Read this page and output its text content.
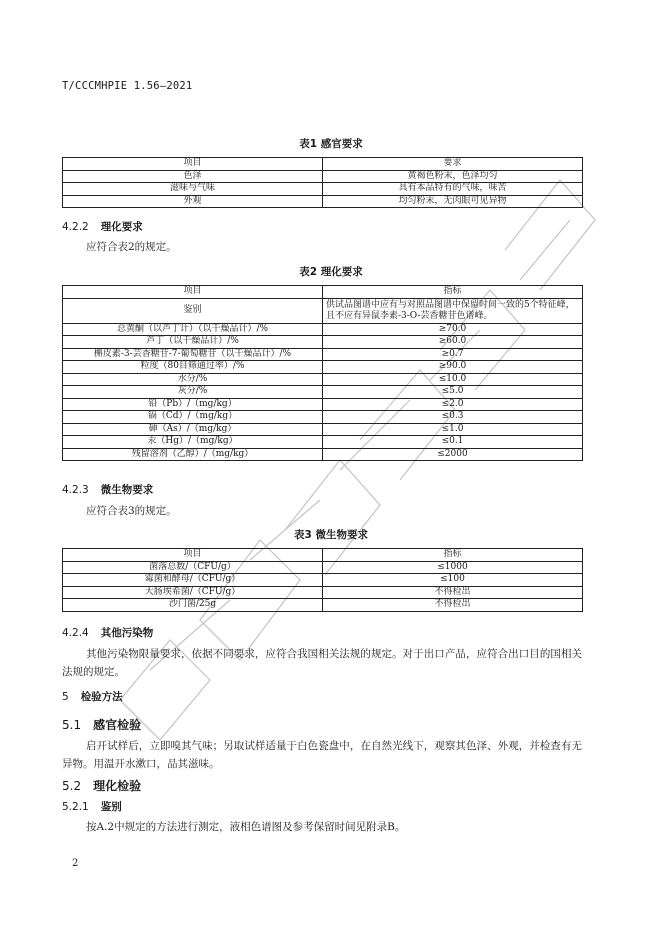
T/CCCMHPIE 1.56—2021
表1 感官要求
项目	要求
色泽	黄褐色粉末，色泽均匀
滋味与气味	具有本品特有的气味，味苦
外观	均匀粉末，无肉眼可见异物
4.2.2 理化要求
应符合表2的规定。
表2 理化要求
项目	指标
鉴别	供试品图谱中应有与对照品图谱中保留时间一致的5个特征峰，且不应有异鼠李素-3-O-芸香糖苷色谱峰。
总黄酮（以芦丁计）（以干燥品计）/%	≥70.0
芦丁（以干燥品计）/%	≥60.0
槲皮素-3-芸香糖苷-7-葡萄糖苷（以干燥品计）/%	≥0.7
粒度（80目筛通过率）/%	≥90.0
水分/%	≤10.0
灰分/%	≤5.0
铅（Pb）/（mg/kg）	≤2.0
镉（Cd）/（mg/kg）	≤0.3
砷（As）/（mg/kg）	≤1.0
汞（Hg）/（mg/kg）	≤0.1
残留溶剂（乙醇）/（mg/kg）	≤2000
4.2.3 微生物要求
应符合表3的规定。
表3 微生物要求
项目	指标
菌落总数/（CFU/g）	≤1000
霉菌和酵母/（CFU/g）	≤100
大肠埃希菌/（CFU/g）	不得检出
沙门菌/25g	不得检出
4.2.4 其他污染物
其他污染物限量要求，依据不同要求，应符合我国相关法规的规定。对于出口产品，应符合出口目的国相关法规的规定。
5 检验方法
5.1 感官检验
启开试样后，立即嗅其气味；另取试样适量于白色瓷盘中，在自然光线下，观察其色泽、外观，并检查有无异物。用温开水漱口，品其滋味。
5.2 理化检验
5.2.1 鉴别
按A.2中规定的方法进行测定，液相色谱图及参考保留时间见附录B。
2
